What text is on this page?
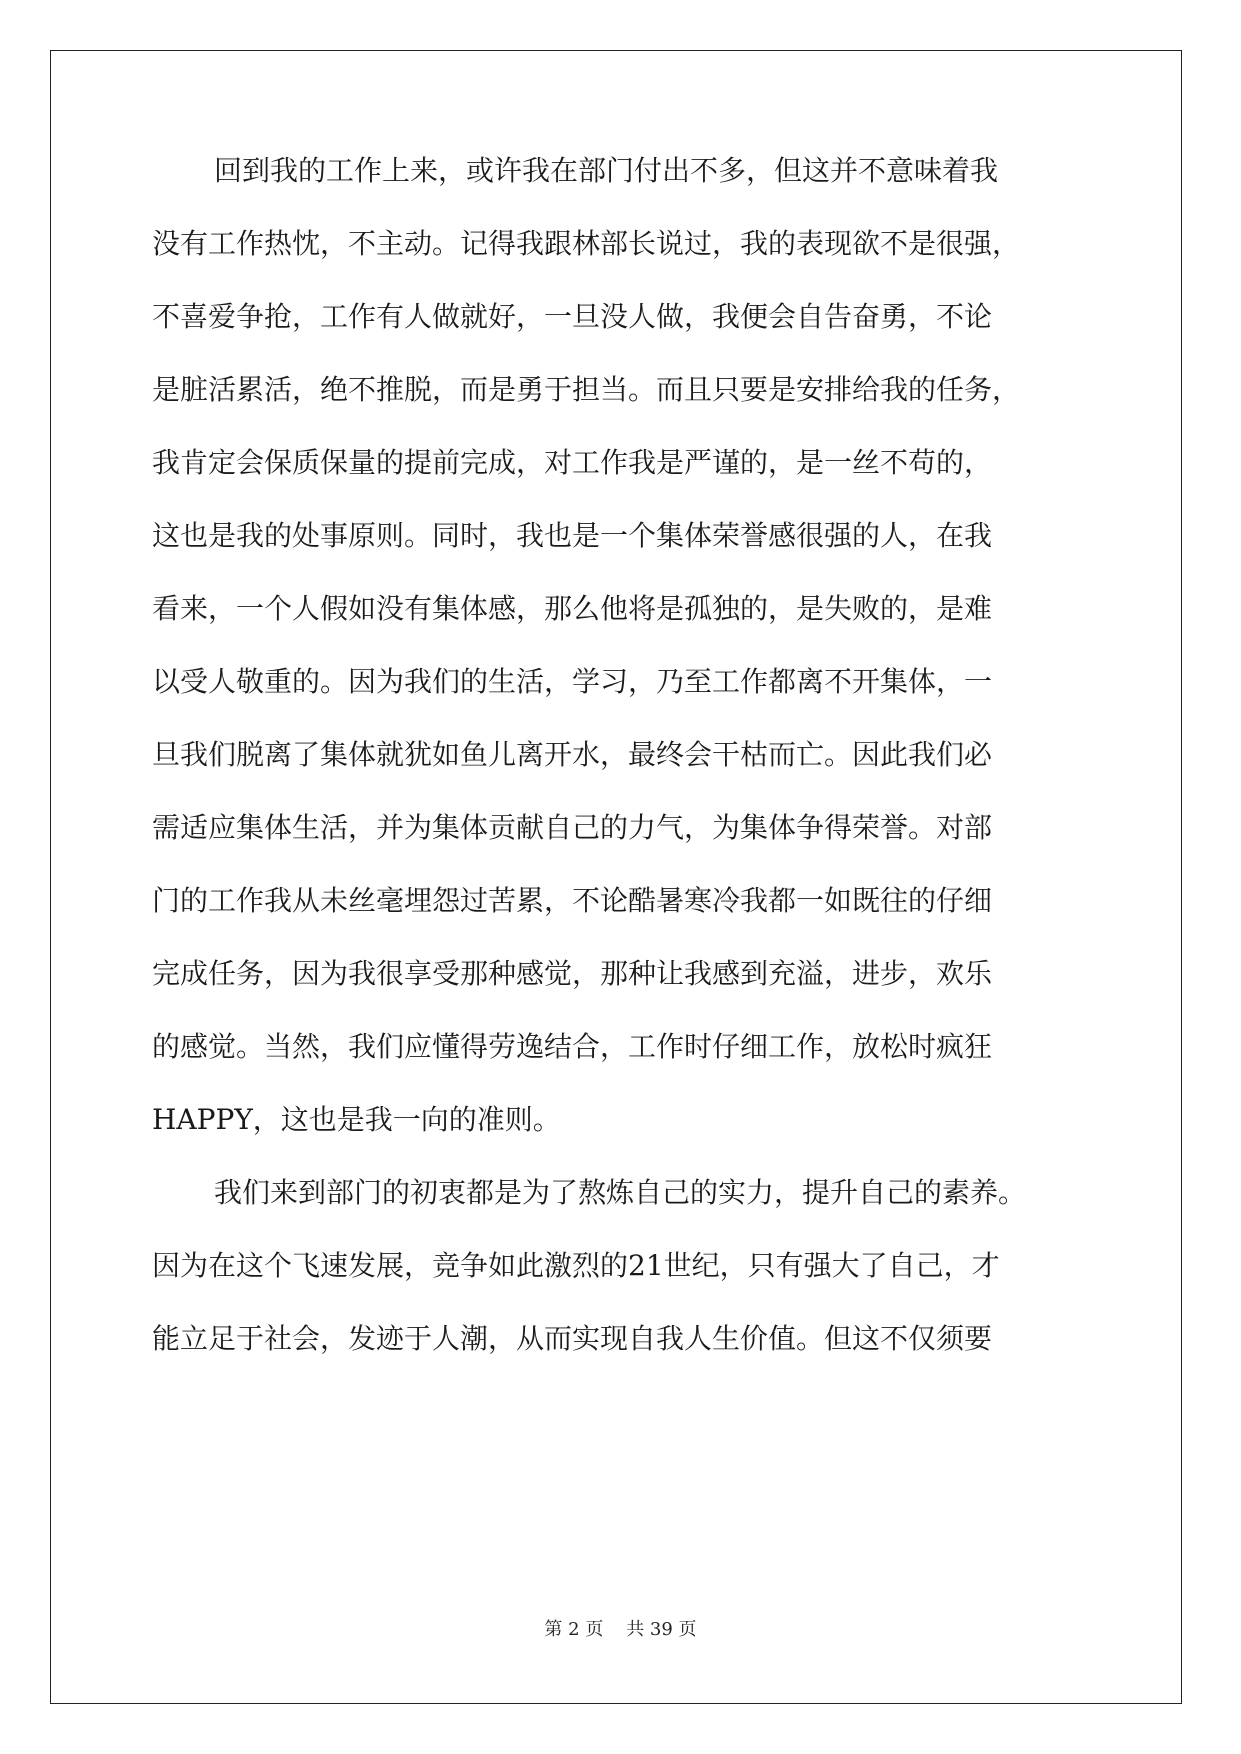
回到我的工作上来，或许我在部门付出不多，但这并不意味着我
没有工作热忱，不主动。记得我跟林部长说过，我的表现欲不是很强，
不喜爱争抢，工作有人做就好，一旦没人做，我便会自告奋勇，不论
是脏活累活，绝不推脱，而是勇于担当。而且只要是安排给我的任务，
我肯定会保质保量的提前完成，对工作我是严谨的，是一丝不苟的，
这也是我的处事原则。同时，我也是一个集体荣誉感很强的人，在我
看来，一个人假如没有集体感，那么他将是孤独的，是失败的，是难
以受人敬重的。因为我们的生活，学习，乃至工作都离不开集体，一
旦我们脱离了集体就犹如鱼儿离开水，最终会干枯而亡。因此我们必
需适应集体生活，并为集体贡献自己的力气，为集体争得荣誉。对部
门的工作我从未丝毫埋怨过苦累，不论酷暑寒冷我都一如既往的仔细
完成任务，因为我很享受那种感觉，那种让我感到充溢，进步，欢乐
的感觉。当然，我们应懂得劳逸结合，工作时仔细工作，放松时疯狂
HAPPY，这也是我一向的准则。
我们来到部门的初衷都是为了熬炼自己的实力，提升自己的素养。
因为在这个飞速发展，竞争如此激烈的21世纪，只有强大了自己，才
能立足于社会，发迹于人潮，从而实现自我人生价值。但这不仅须要
第 2 页    共 39 页
